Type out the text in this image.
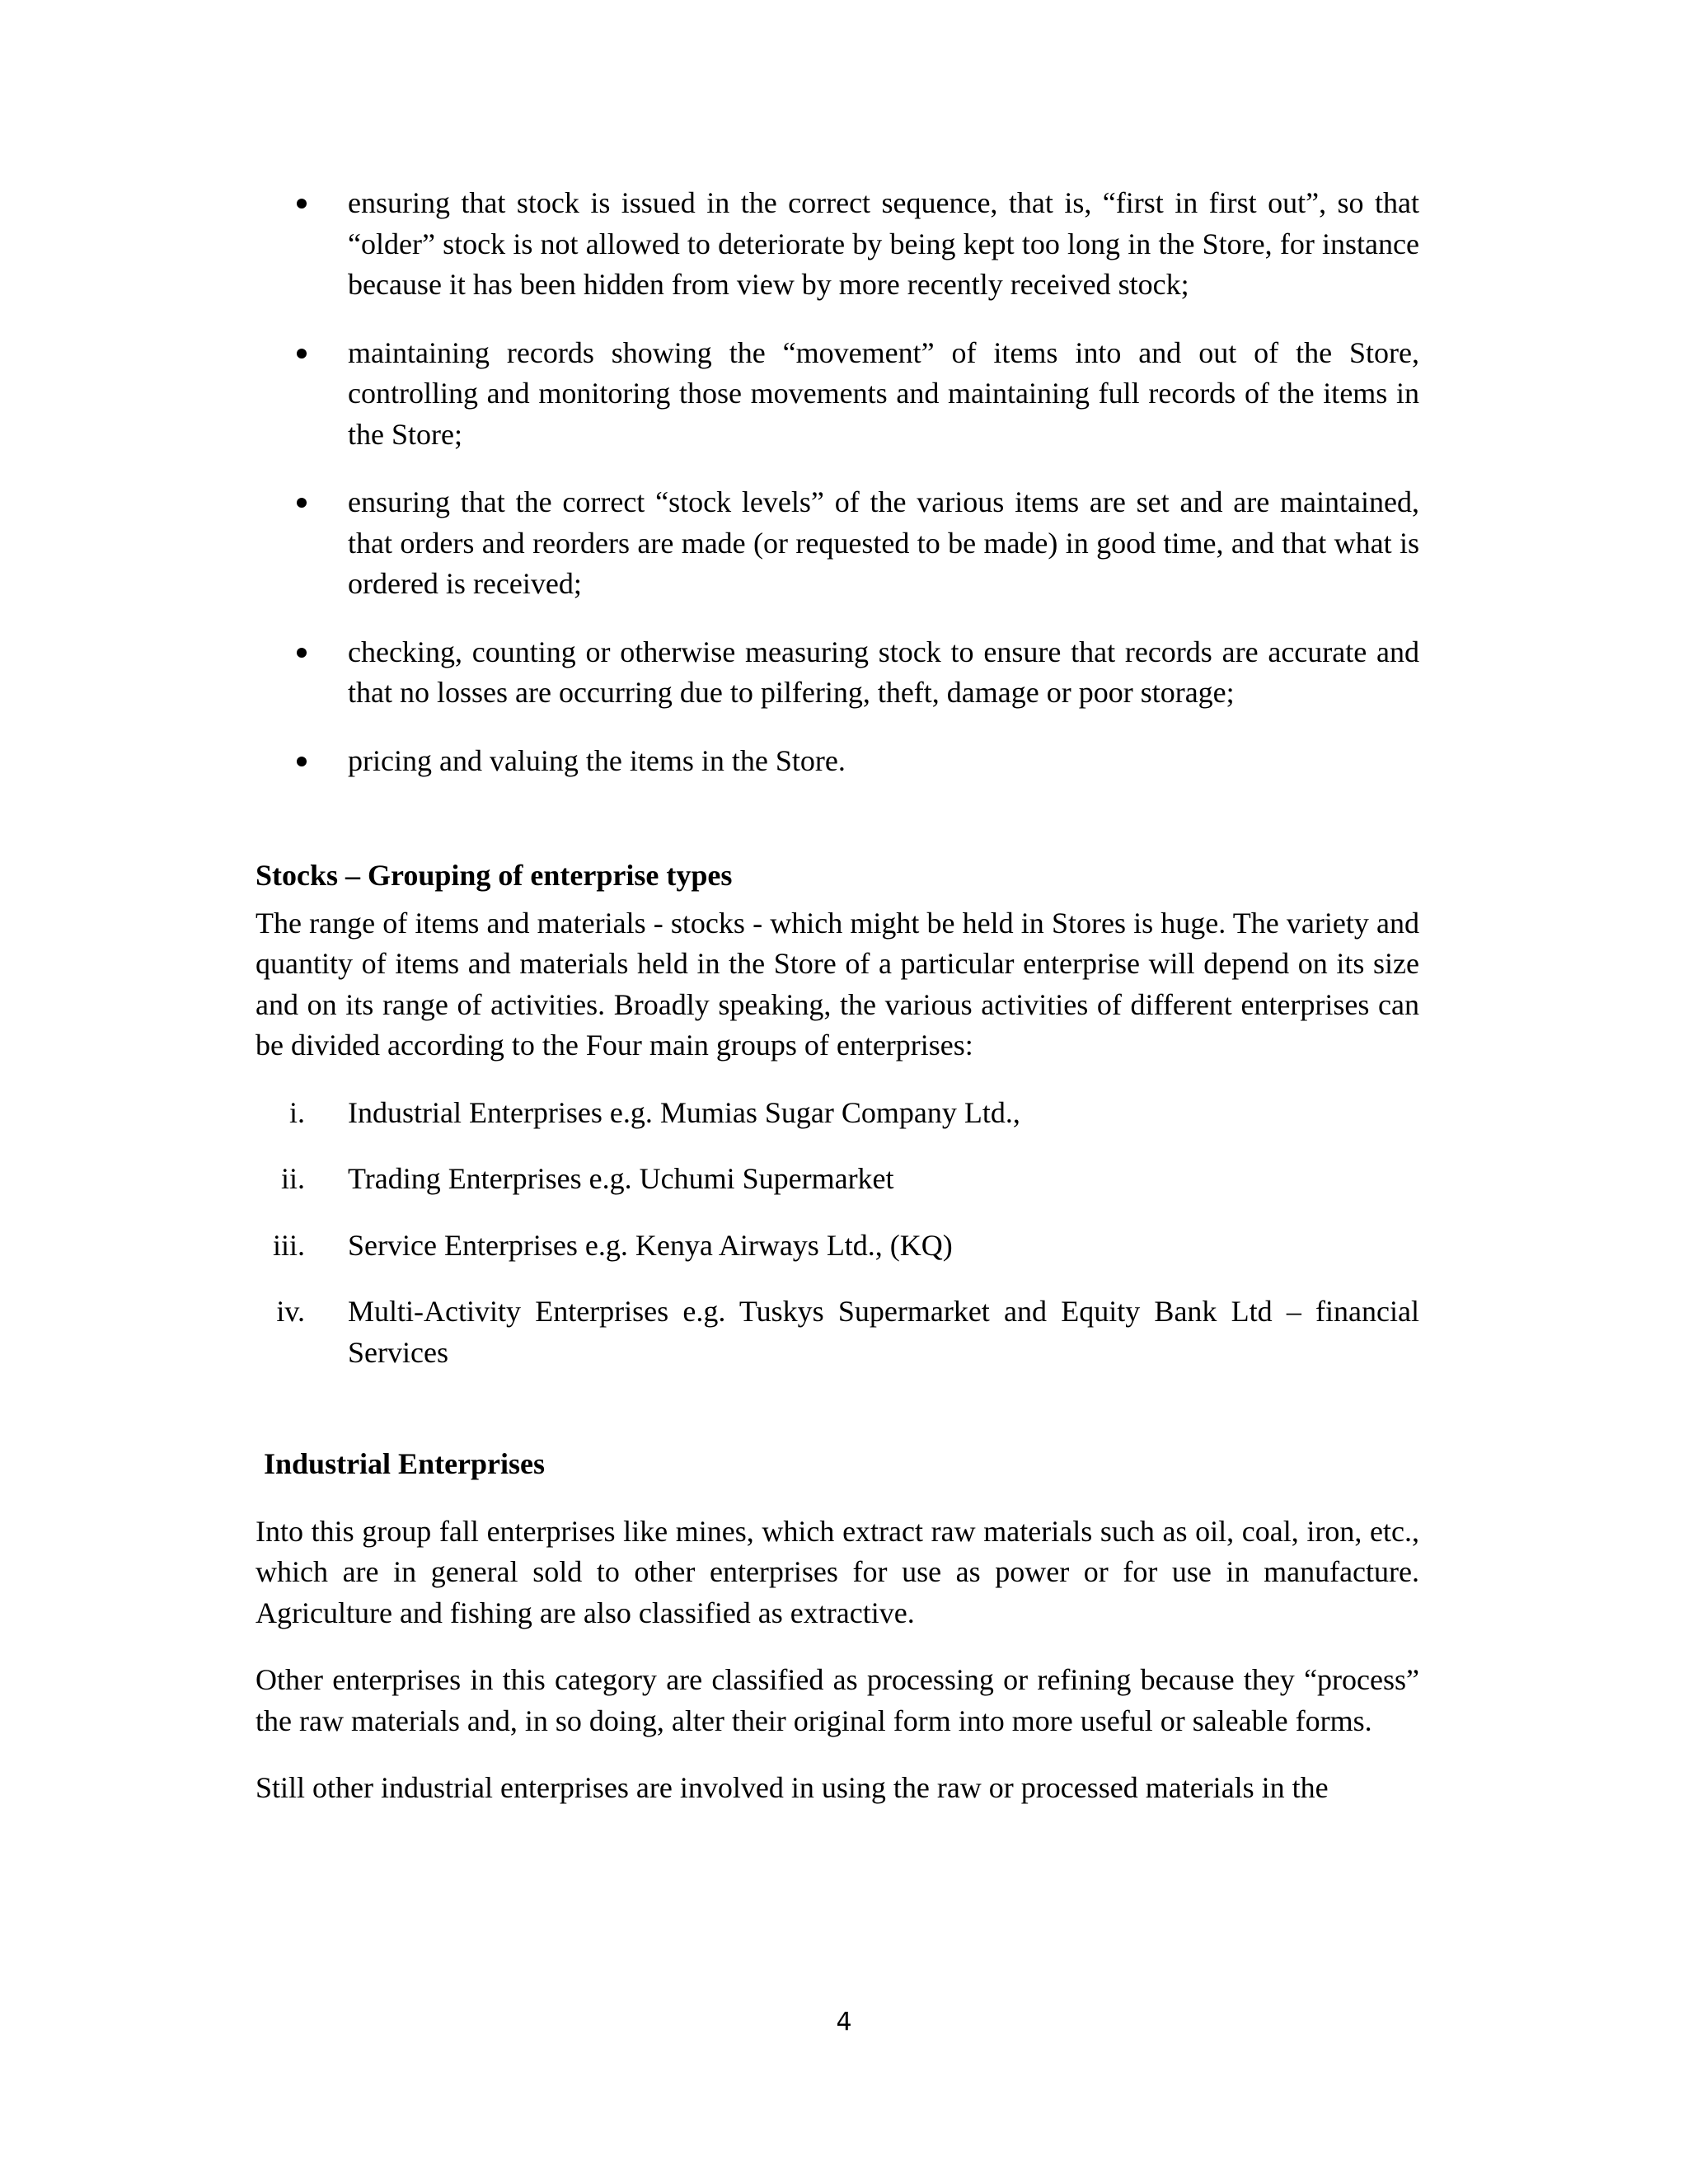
ensuring that stock is issued in the correct sequence, that is, “first in first out”, so that “older” stock is not allowed to deteriorate by being kept too long in the Store, for instance because it has been hidden from view by more recently received stock;
maintaining records showing the “movement” of items into and out of the Store, controlling and monitoring those movements and maintaining full records of the items in the Store;
ensuring that the correct “stock levels” of the various items are set and are maintained, that orders and reorders are made (or requested to be made) in good time, and that what is ordered is received;
checking, counting or otherwise measuring stock to ensure that records are accurate and that no losses are occurring due to pilfering, theft, damage or poor storage;
pricing and valuing the items in the Store.
Stocks – Grouping of enterprise types

The range of items and materials - stocks - which might be held in Stores is huge. The variety and quantity of items and materials held in the Store of a particular enterprise will depend on its size and on its range of activities. Broadly speaking, the various activities of different enterprises can be divided according to the Four main groups of enterprises:

i. Industrial Enterprises e.g. Mumias Sugar Company Ltd.,
ii. Trading Enterprises e.g. Uchumi Supermarket
iii. Service Enterprises e.g. Kenya Airways Ltd., (KQ)
iv. Multi-Activity Enterprises e.g. Tuskys Supermarket and Equity Bank Ltd – financial Services
Industrial Enterprises

Into this group fall enterprises like mines, which extract raw materials such as oil, coal, iron, etc., which are in general sold to other enterprises for use as power or for use in manufacture. Agriculture and fishing are also classified as extractive.

Other enterprises in this category are classified as processing or refining because they “process” the raw materials and, in so doing, alter their original form into more useful or saleable forms.

Still other industrial enterprises are involved in using the raw or processed materials in the

4
